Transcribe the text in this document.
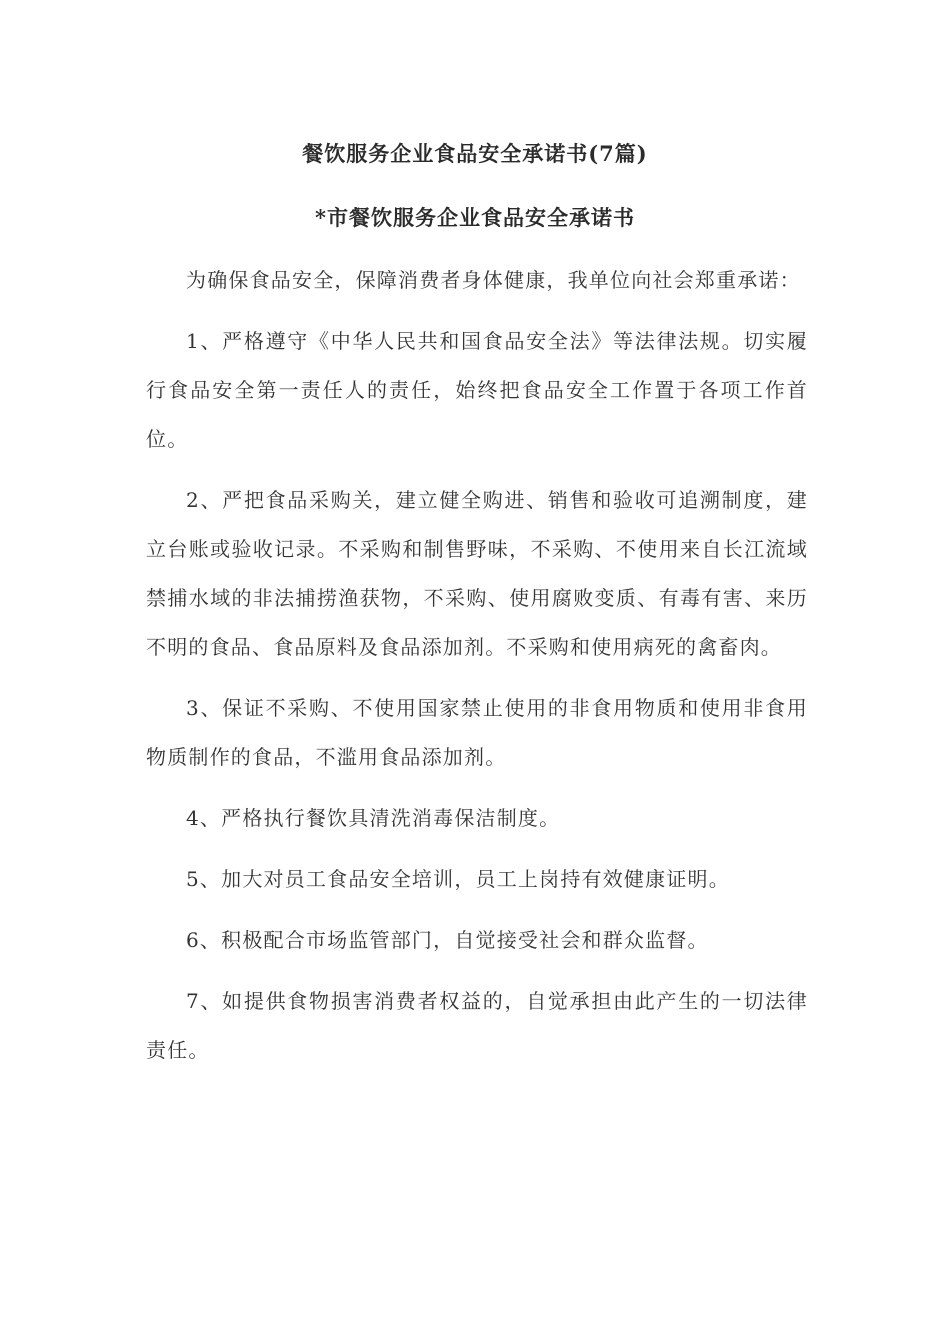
餐饮服务企业食品安全承诺书(7篇)
*市餐饮服务企业食品安全承诺书

为确保食品安全，保障消费者身体健康，我单位向社会郑重承诺：

1、严格遵守《中华人民共和国食品安全法》等法律法规。切实履行食品安全第一责任人的责任，始终把食品安全工作置于各项工作首位。

2、严把食品采购关，建立健全购进、销售和验收可追溯制度，建立台账或验收记录。不采购和制售野味，不采购、不使用来自长江流域禁捕水域的非法捕捞渔获物，不采购、使用腐败变质、有毒有害、来历不明的食品、食品原料及食品添加剂。不采购和使用病死的禽畜肉。

3、保证不采购、不使用国家禁止使用的非食用物质和使用非食用物质制作的食品，不滥用食品添加剂。

4、严格执行餐饮具清洗消毒保洁制度。

5、加大对员工食品安全培训，员工上岗持有效健康证明。

6、积极配合市场监管部门，自觉接受社会和群众监督。

7、如提供食物损害消费者权益的，自觉承担由此产生的一切法律责任。
